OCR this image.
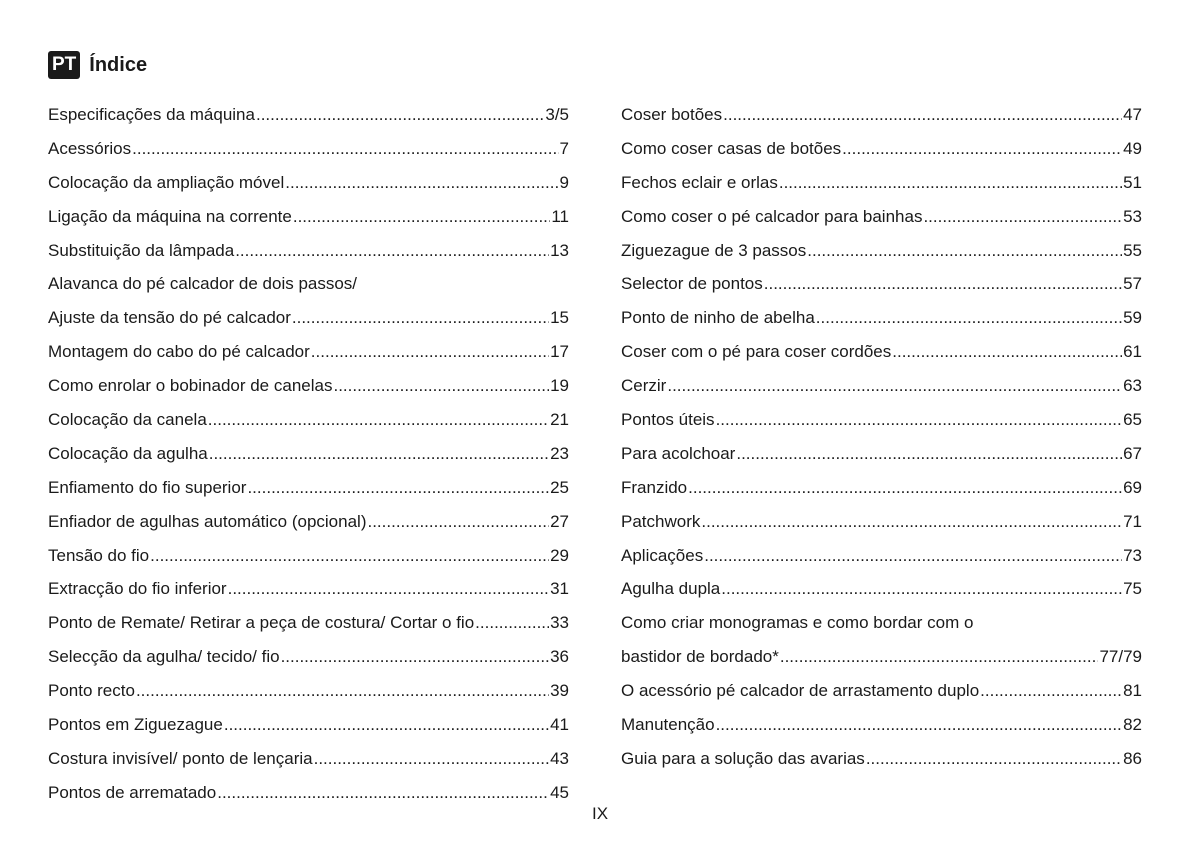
PT Índice
Especificações da máquina .....	3/5
Acessórios .....	7
Colocação da ampliação móvel .....	9
Ligação da máquina na corrente .....	11
Substituição da lâmpada .....	13
Alavanca do pé calcador de dois passos/
Ajuste da tensão do pé calcador .....	15
Montagem do cabo do pé calcador .....	17
Como enrolar o bobinador de canelas .....	19
Colocação da canela .....	21
Colocação da agulha .....	23
Enfiamento do fio superior .....	25
Enfiador de agulhas automático (opcional) .....	27
Tensão do fio .....	29
Extracção do fio inferior .....	31
Ponto de Remate/ Retirar a peça de costura/ Cortar o fio .....	33
Selecção da agulha/ tecido/ fio .....	36
Ponto recto .....	39
Pontos em Ziguezague .....	41
Costura invisível/ ponto de lençaria .....	43
Pontos de arrematado .....	45
Coser botões .....	47
Como coser casas de botões .....	49
Fechos eclair e orlas .....	51
Como coser o pé calcador para bainhas .....	53
Ziguezague de 3 passos .....	55
Selector de pontos .....	57
Ponto de ninho de abelha .....	59
Coser com o pé para coser cordões .....	61
Cerzir .....	63
Pontos úteis .....	65
Para acolchoar .....	67
Franzido .....	69
Patchwork .....	71
Aplicações .....	73
Agulha dupla .....	75
Como criar monogramas e como bordar com o
bastidor de bordado* .....	77/79
O acessório pé calcador de arrastamento duplo .....	81
Manutenção .....	82
Guia para a solução das avarias .....	86
IX
